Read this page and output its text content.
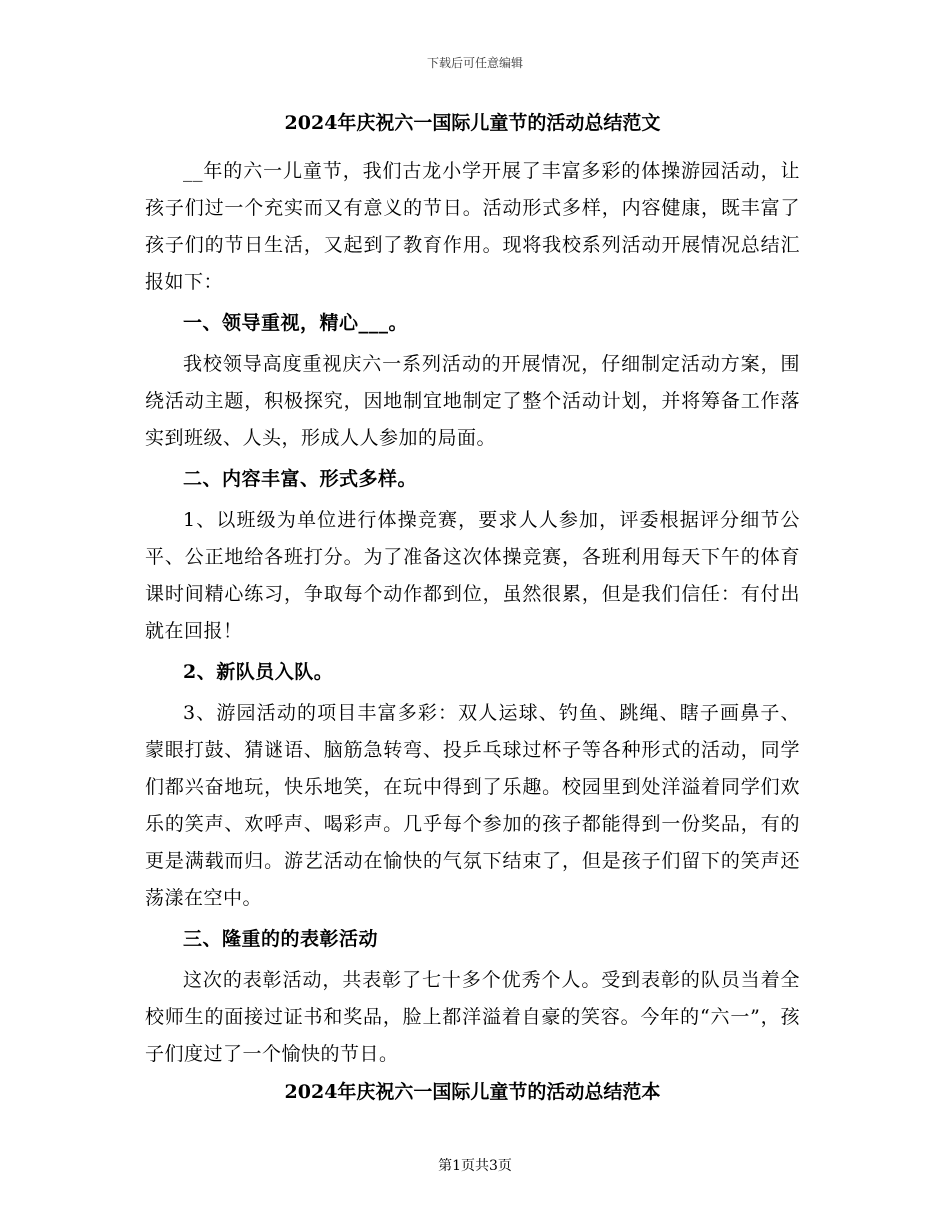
下载后可任意编辑
2024年庆祝六一国际儿童节的活动总结范文

__年的六一儿童节，我们古龙小学开展了丰富多彩的体操游园活动，让孩子们过一个充实而又有意义的节日。活动形式多样，内容健康，既丰富了孩子们的节日生活，又起到了教育作用。现将我校系列活动开展情况总结汇报如下：

一、领导重视，精心___。

我校领导高度重视庆六一系列活动的开展情况，仔细制定活动方案，围绕活动主题，积极探究，因地制宜地制定了整个活动计划，并将筹备工作落实到班级、人头，形成人人参加的局面。

二、内容丰富、形式多样。

1、以班级为单位进行体操竞赛，要求人人参加，评委根据评分细节公平、公正地给各班打分。为了准备这次体操竞赛，各班利用每天下午的体育课时间精心练习，争取每个动作都到位，虽然很累，但是我们信任：有付出就在回报！

2、新队员入队。

3、游园活动的项目丰富多彩：双人运球、钓鱼、跳绳、瞎子画鼻子、蒙眼打鼓、猜谜语、脑筋急转弯、投乒乓球过杯子等各种形式的活动，同学们都兴奋地玩，快乐地笑，在玩中得到了乐趣。校园里到处洋溢着同学们欢乐的笑声、欢呼声、喝彩声。几乎每个参加的孩子都能得到一份奖品，有的更是满载而归。游艺活动在愉快的气氛下结束了，但是孩子们留下的笑声还荡漾在空中。

三、隆重的的表彰活动

这次的表彰活动，共表彰了七十多个优秀个人。受到表彰的队员当着全校师生的面接过证书和奖品，脸上都洋溢着自豪的笑容。今年的“六一”，孩子们度过了一个愉快的节日。

2024年庆祝六一国际儿童节的活动总结范本
第1页共3页
